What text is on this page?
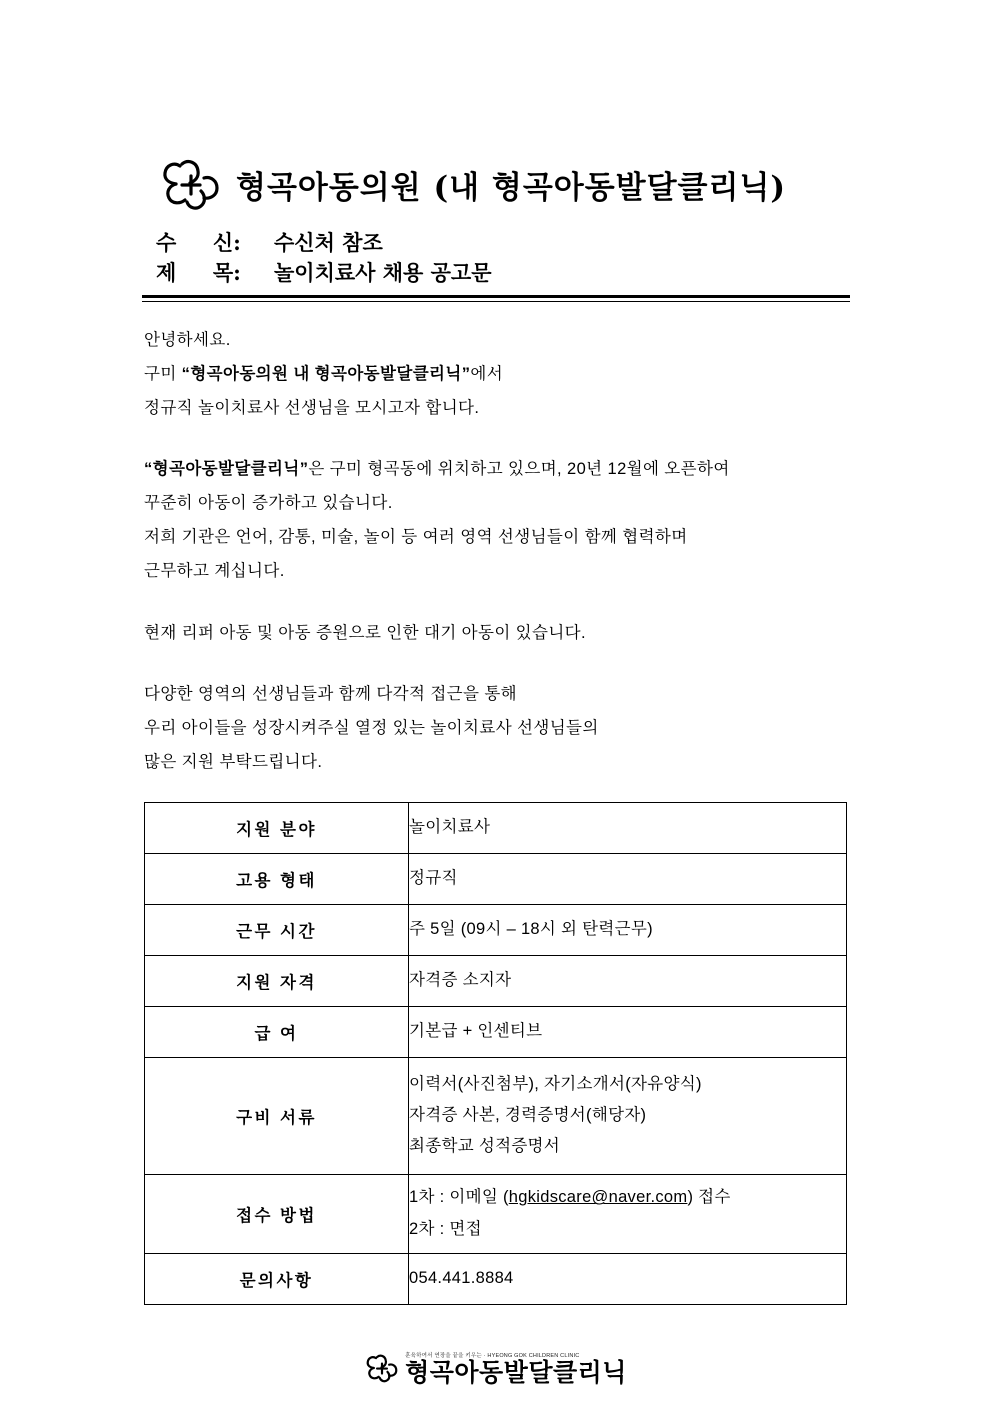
형곡아동의원 (내 형곡아동발달클리닉)
수     신:	수신처 참조
제     목:	놀이치료사 채용 공고문

안녕하세요.

구미 “형곡아동의원 내 형곡아동발달클리닉”에서

정규직 놀이치료사 선생님을 모시고자 합니다.

“형곡아동발달클리닉”은 구미 형곡동에 위치하고 있으며, 20년 12월에 오픈하여

꾸준히 아동이 증가하고 있습니다.

저희 기관은 언어, 감통, 미술, 놀이 등 여러 영역 선생님들이 함께 협력하며

근무하고 계십니다.

현재 리퍼 아동 및 아동 증원으로 인한 대기 아동이 있습니다.

다양한 영역의 선생님들과 함께 다각적 접근을 통해

우리 아이들을 성장시켜주실 열정 있는 놀이치료사 선생님들의

많은 지원 부탁드립니다.

지원 분야	놀이치료사
고용 형태	정규직
근무 시간	주 5일 (09시 – 18시 외 탄력근무)
지원 자격	자격증 소지자
급 여	기본급 + 인센티브
구비 서류	이력서(사진첨부), 자기소개서(자유양식)
자격증 사본, 경력증명서(해당자)
최종학교 성적증명서

접수 방법	1차 : 이메일 (hgkidscare@naver.com) 접수
2차 : 면접

문의사항	054.441.8884
훈육하여서 연장을 끝을 키우는 · HYEONG GOK CHILDREN CLINIC
형곡아동발달클리닉
